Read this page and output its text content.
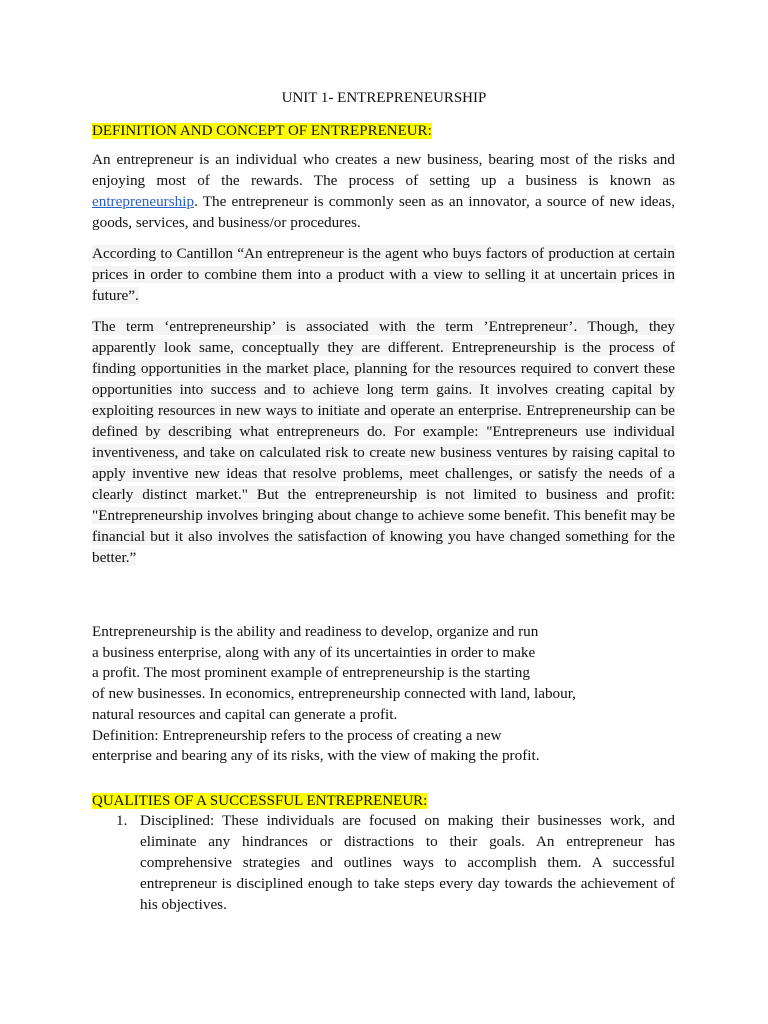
UNIT 1- ENTREPRENEURSHIP
DEFINITION AND CONCEPT OF ENTREPRENEUR:
An entrepreneur is an individual who creates a new business, bearing most of the risks and enjoying most of the rewards. The process of setting up a business is known as entrepreneurship. The entrepreneur is commonly seen as an innovator, a source of new ideas, goods, services, and business/or procedures.
According to Cantillon “An entrepreneur is the agent who buys factors of production at certain prices in order to combine them into a product with a view to selling it at uncertain prices in future”.
The term ‘entrepreneurship’ is associated with the term ’Entrepreneur’. Though, they apparently look same, conceptually they are different. Entrepreneurship is the process of finding opportunities in the market place, planning for the resources required to convert these opportunities into success and to achieve long term gains. It involves creating capital by exploiting resources in new ways to initiate and operate an enterprise. Entrepreneurship can be defined by describing what entrepreneurs do. For example: "Entrepreneurs use individual inventiveness, and take on calculated risk to create new business ventures by raising capital to apply inventive new ideas that resolve problems, meet challenges, or satisfy the needs of a clearly distinct market." But the entrepreneurship is not limited to business and profit: "Entrepreneurship involves bringing about change to achieve some benefit. This benefit may be financial but it also involves the satisfaction of knowing you have changed something for the better.”
Entrepreneurship is the ability and readiness to develop, organize and run
a business enterprise, along with any of its uncertainties in order to make
a profit. The most prominent example of entrepreneurship is the starting
of new businesses. In economics, entrepreneurship connected with land, labour,
natural resources and capital can generate a profit.
Definition: Entrepreneurship refers to the process of creating a new
enterprise and bearing any of its risks, with the view of making the profit.
QUALITIES OF A SUCCESSFUL ENTREPRENEUR:
1. Disciplined: These individuals are focused on making their businesses work, and eliminate any hindrances or distractions to their goals. An entrepreneur has comprehensive strategies and outlines ways to accomplish them. A successful entrepreneur is disciplined enough to take steps every day towards the achievement of his objectives.
